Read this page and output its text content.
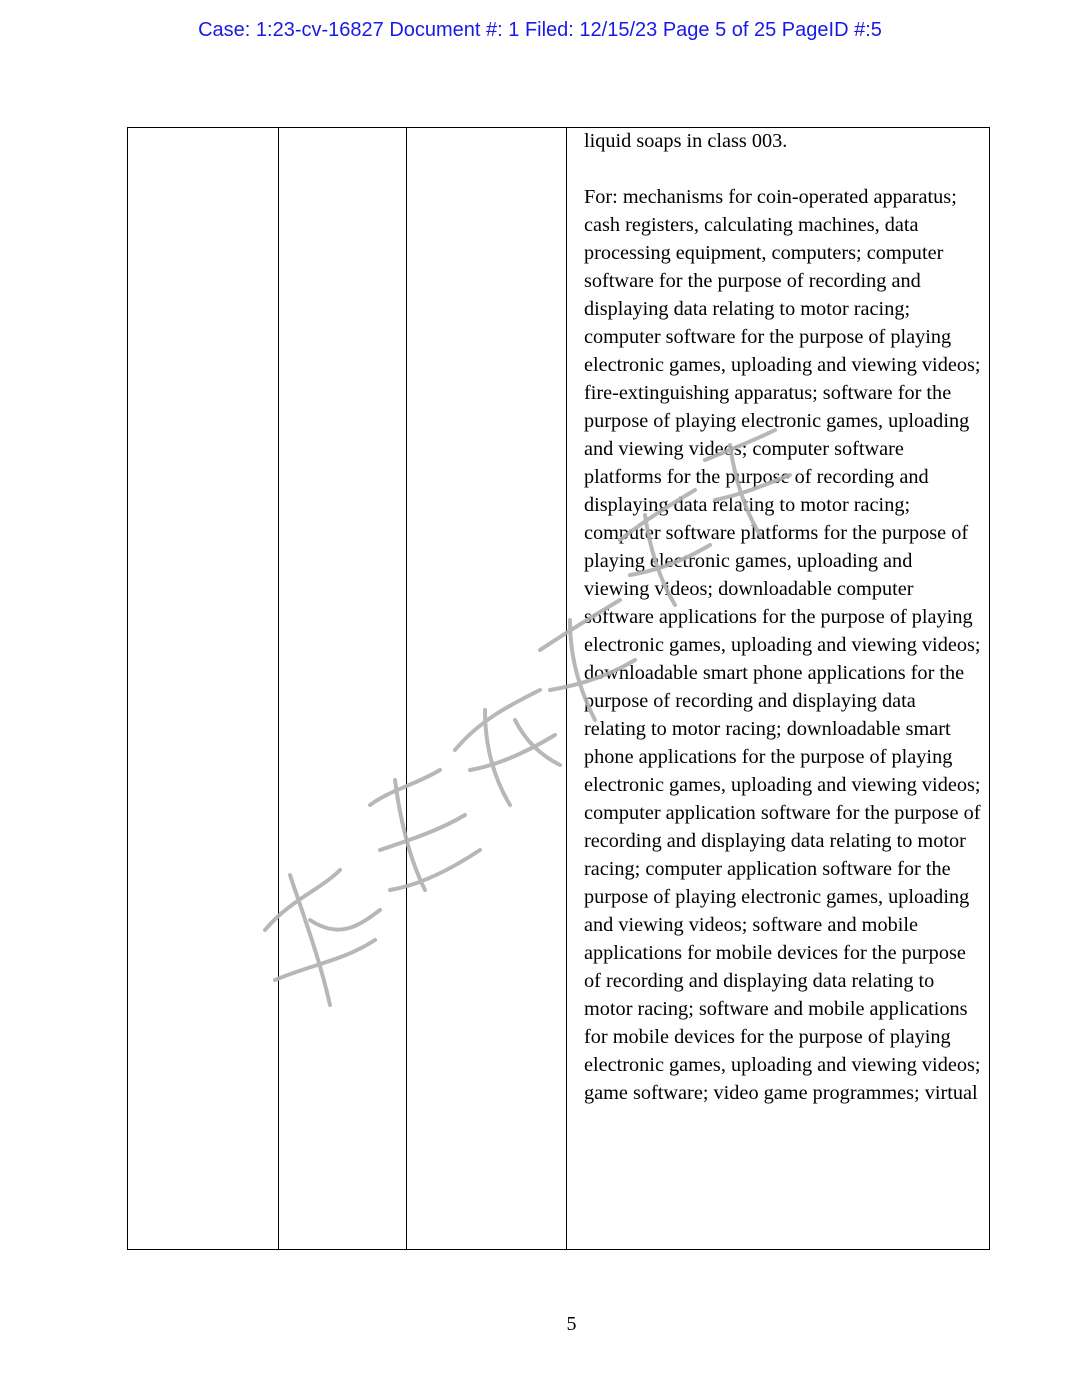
Case: 1:23-cv-16827 Document #: 1 Filed: 12/15/23 Page 5 of 25 PageID #:5

liquid soaps in class 003.

For: mechanisms for coin-operated apparatus; cash registers, calculating machines, data processing equipment, computers; computer software for the purpose of recording and displaying data relating to motor racing; computer software for the purpose of playing electronic games, uploading and viewing videos; fire-extinguishing apparatus; software for the purpose of playing electronic games, uploading and viewing videos; computer software platforms for the purpose of recording and displaying data relating to motor racing; computer software platforms for the purpose of playing electronic games, uploading and viewing videos; downloadable computer software applications for the purpose of playing electronic games, uploading and viewing videos; downloadable smart phone applications for the purpose of recording and displaying data relating to motor racing; downloadable smart phone applications for the purpose of playing electronic games, uploading and viewing videos; computer application software for the purpose of recording and displaying data relating to motor racing; computer application software for the purpose of playing electronic games, uploading and viewing videos; software and mobile applications for mobile devices for the purpose of recording and displaying data relating to motor racing; software and mobile applications for mobile devices for the purpose of playing electronic games, uploading and viewing videos; game software; video game programmes; virtual

5
